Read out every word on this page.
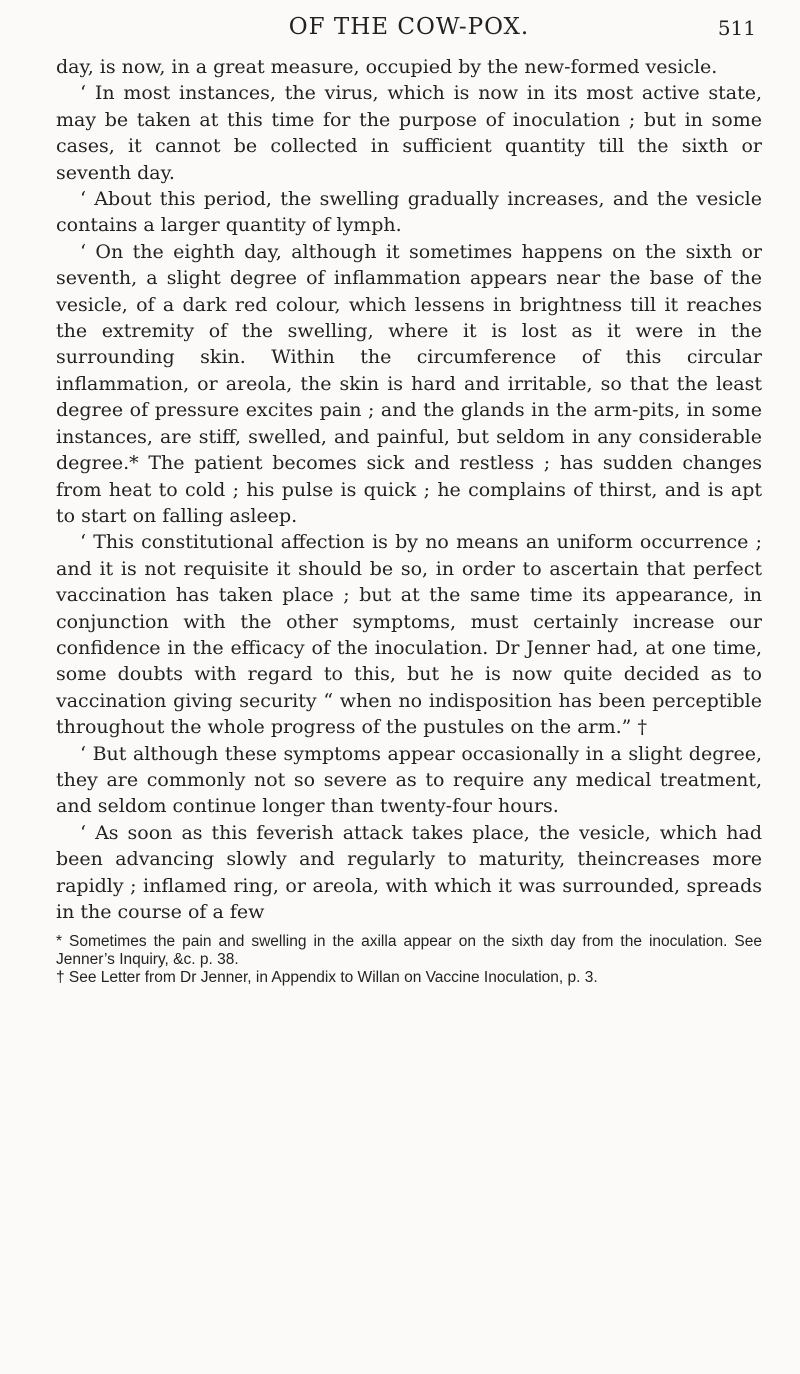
OF THE COW-POX.	511

day, is now, in a great measure, occupied by the new-formed vesicle.

‘ In most instances, the virus, which is now in its most active state, may be taken at this time for the purpose of inoculation ; but in some cases, it cannot be collected in sufficient quantity till the sixth or seventh day.

‘ About this period, the swelling gradually increases, and the vesicle contains a larger quantity of lymph.

‘ On the eighth day, although it sometimes happens on the sixth or seventh, a slight degree of inflammation appears near the base of the vesicle, of a dark red colour, which lessens in brightness till it reaches the extremity of the swelling, where it is lost as it were in the surrounding skin. Within the circumference of this circular inflammation, or areola, the skin is hard and irritable, so that the least degree of pressure excites pain ; and the glands in the arm-pits, in some instances, are stiff, swelled, and painful, but seldom in any considerable degree.* The patient becomes sick and restless ; has sudden changes from heat to cold ; his pulse is quick ; he complains of thirst, and is apt to start on falling asleep.

‘ This constitutional affection is by no means an uniform occurrence ; and it is not requisite it should be so, in order to ascertain that perfect vaccination has taken place ; but at the same time its appearance, in conjunction with the other symptoms, must certainly increase our confidence in the efficacy of the inoculation. Dr Jenner had, at one time, some doubts with regard to this, but he is now quite decided as to vaccination giving security “ when no indisposition has been perceptible throughout the whole progress of the pustules on the arm.” †

‘ But although these symptoms appear occasionally in a slight degree, they are commonly not so severe as to require any medical treatment, and seldom continue longer than twenty-four hours.

‘ As soon as this feverish attack takes place, the vesicle, which had been advancing slowly and regularly to maturity, theincreases more rapidly ; inflamed ring, or areola, with which it was surrounded, spreads in the course of a few

* Sometimes the pain and swelling in the axilla appear on the sixth day from the inoculation. See Jenner’s Inquiry, &c. p. 38.

† See Letter from Dr Jenner, in Appendix to Willan on Vaccine Inoculation, p. 3.
